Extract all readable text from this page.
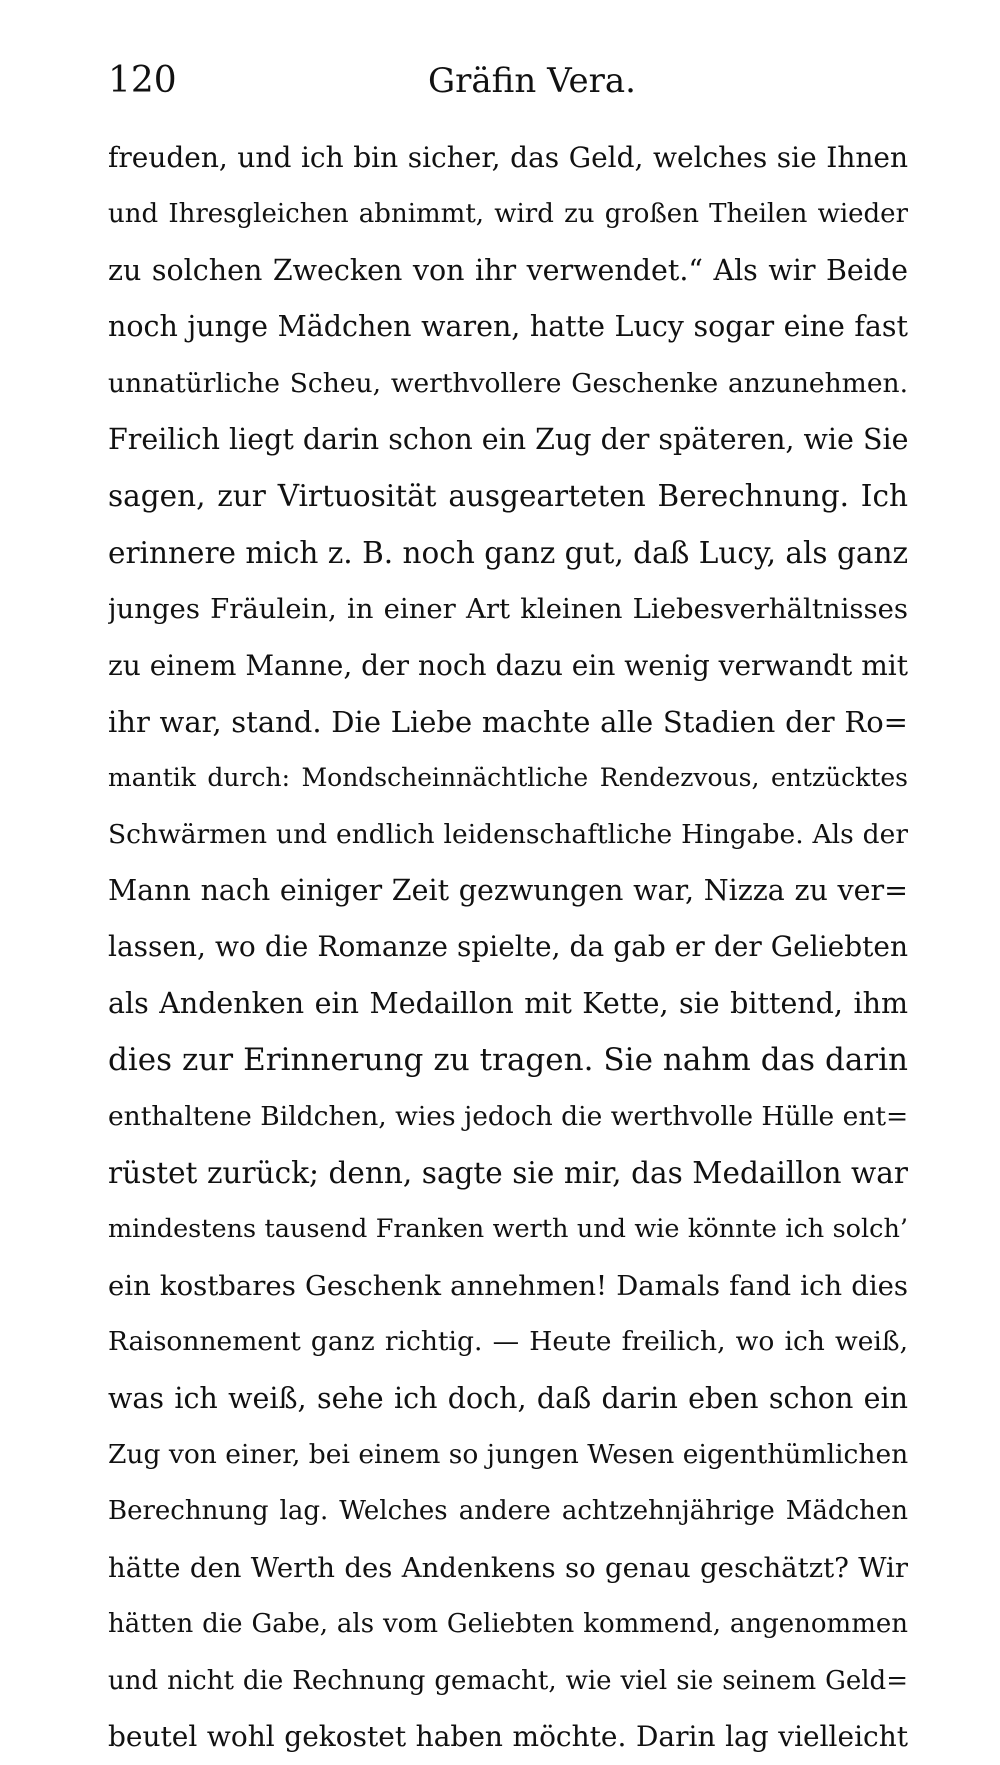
120	Gräfin Vera.
freuden, und ich bin sicher, das Geld, welches sie Ihnen
und Ihresgleichen abnimmt, wird zu großen Theilen wieder
zu solchen Zwecken von ihr verwendet.“ Als wir Beide
noch junge Mädchen waren, hatte Lucy sogar eine fast
unnatürliche Scheu, werthvollere Geschenke anzunehmen.
Freilich liegt darin schon ein Zug der späteren, wie Sie
sagen, zur Virtuosität ausgearteten Berechnung. Ich
erinnere mich z. B. noch ganz gut, daß Lucy, als ganz
junges Fräulein, in einer Art kleinen Liebesverhältnisses
zu einem Manne, der noch dazu ein wenig verwandt mit
ihr war, stand. Die Liebe machte alle Stadien der Ro=
mantik durch: Mondscheinnächtliche Rendezvous, entzücktes
Schwärmen und endlich leidenschaftliche Hingabe. Als der
Mann nach einiger Zeit gezwungen war, Nizza zu ver=
lassen, wo die Romanze spielte, da gab er der Geliebten
als Andenken ein Medaillon mit Kette, sie bittend, ihm
dies zur Erinnerung zu tragen. Sie nahm das darin
enthaltene Bildchen, wies jedoch die werthvolle Hülle ent=
rüstet zurück; denn, sagte sie mir, das Medaillon war
mindestens tausend Franken werth und wie könnte ich solch’
ein kostbares Geschenk annehmen! Damals fand ich dies
Raisonnement ganz richtig. — Heute freilich, wo ich weiß,
was ich weiß, sehe ich doch, daß darin eben schon ein
Zug von einer, bei einem so jungen Wesen eigenthümlichen
Berechnung lag. Welches andere achtzehnjährige Mädchen
hätte den Werth des Andenkens so genau geschätzt? Wir
hätten die Gabe, als vom Geliebten kommend, angenommen
und nicht die Rechnung gemacht, wie viel sie seinem Geld=
beutel wohl gekostet haben möchte. Darin lag vielleicht
